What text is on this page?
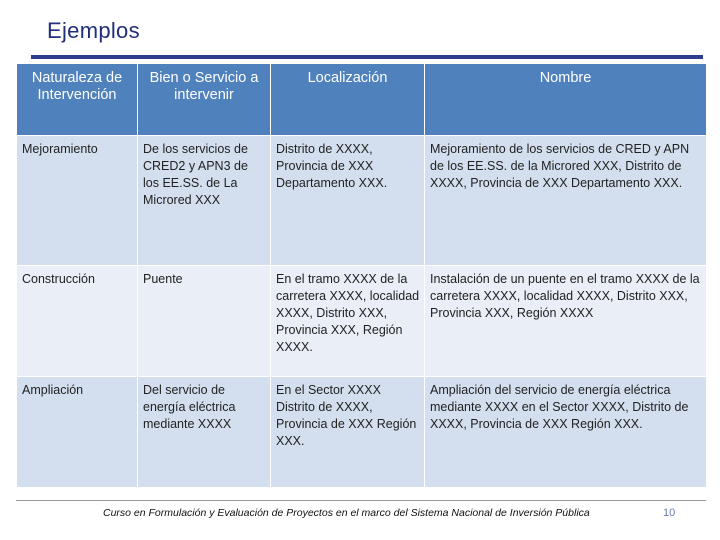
Ejemplos
Naturaleza de Intervención	Bien o Servicio a intervenir	Localización	Nombre
Mejoramiento	De los servicios de CRED2 y APN3 de los EE.SS. de La Microred XXX	Distrito de XXXX, Provincia de XXX Departamento XXX.	Mejoramiento de los servicios de CRED y APN de los EE.SS. de la Microred XXX, Distrito de XXXX, Provincia de XXX Departamento XXX.
Construcción	Puente	En el tramo XXXX de la carretera XXXX, localidad XXXX, Distrito XXX, Provincia XXX, Región XXXX.	Instalación de un puente en el tramo XXXX de la carretera XXXX, localidad XXXX, Distrito XXX, Provincia XXX, Región XXXX
Ampliación	Del servicio de energía eléctrica mediante XXXX	En el Sector XXXX Distrito de XXXX, Provincia de XXX Región XXX.	Ampliación del servicio de energía eléctrica mediante XXXX en el Sector XXXX, Distrito de XXXX, Provincia de XXX Región XXX.
Curso en Formulación y Evaluación de Proyectos en el marco del Sistema Nacional de Inversión Pública	10
